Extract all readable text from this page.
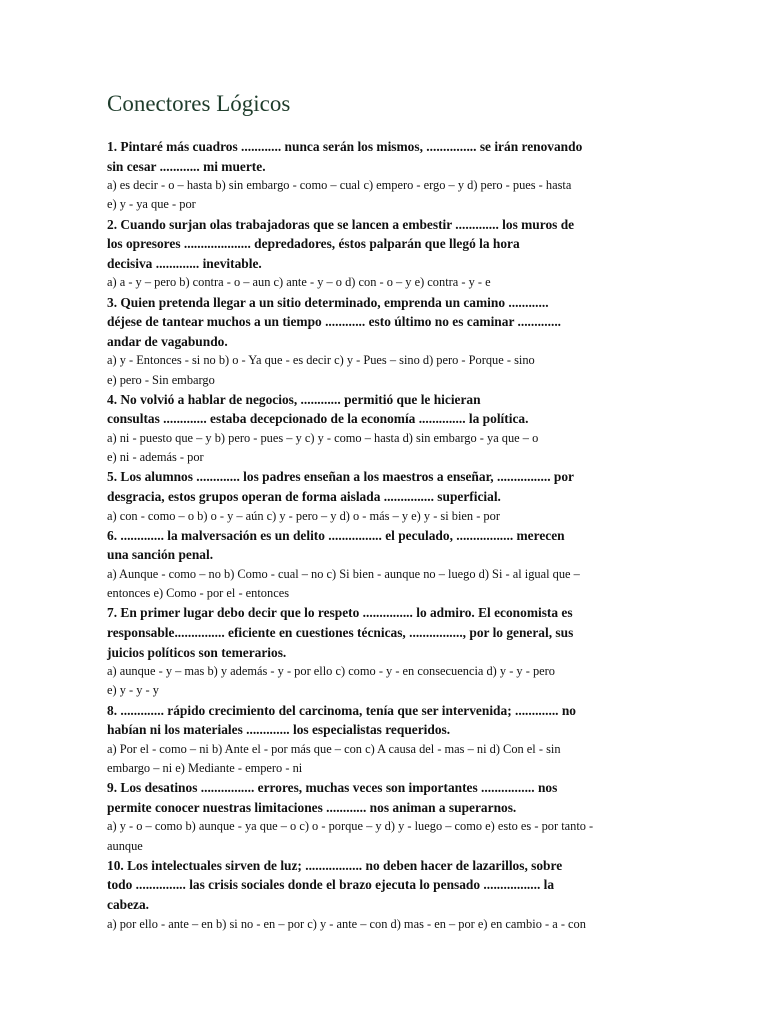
Conectores Lógicos

1. Pintaré más cuadros ............ nunca serán los mismos, ............... se irán renovando

sin cesar ............ mi muerte.

a) es decir - o – hasta b) sin embargo - como – cual c) empero - ergo – y d) pero - pues - hasta

e) y - ya que - por

2. Cuando surjan olas trabajadoras que se lancen a embestir ............. los muros de

los opresores .................... depredadores, éstos palparán que llegó la hora

decisiva ............. inevitable.

a) a - y – pero b) contra - o – aun c) ante - y – o d) con - o – y e) contra - y - e

3. Quien pretenda llegar a un sitio determinado, emprenda un camino ............

déjese de tantear muchos a un tiempo ............ esto último no es caminar .............

andar de vagabundo.

a) y - Entonces - si no b) o - Ya que - es decir c) y - Pues – sino d) pero - Porque - sino

e) pero - Sin embargo

4. No volvió a hablar de negocios, ............ permitió que le hicieran

consultas ............. estaba decepcionado de la economía .............. la política.

a) ni - puesto que – y b) pero - pues – y c) y - como – hasta d) sin embargo - ya que – o

e) ni - además - por

5. Los alumnos ............. los padres enseñan a los maestros a enseñar, ................ por

desgracia, estos grupos operan de forma aislada ............... superficial.

a) con - como – o b) o - y – aún c) y - pero – y d) o - más – y e) y - si bien - por

6. ............. la malversación es un delito ................ el peculado, ................. merecen

una sanción penal.

a) Aunque - como – no b) Como - cual – no c) Si bien - aunque no – luego d) Si - al igual que –

entonces e) Como - por el - entonces

7. En primer lugar debo decir que lo respeto ............... lo admiro. El economista es

responsable............... eficiente en cuestiones técnicas, ................, por lo general, sus

juicios políticos son temerarios.

a) aunque - y – mas b) y además - y - por ello c) como - y - en consecuencia d) y - y - pero

e) y - y - y

8. ............. rápido crecimiento del carcinoma, tenía que ser intervenida; ............. no

habían ni los materiales ............. los especialistas requeridos.

a) Por el - como – ni b) Ante el - por más que – con c) A causa del - mas – ni d) Con el - sin

embargo – ni e) Mediante - empero - ni

9. Los desatinos ................ errores, muchas veces son importantes ................ nos

permite conocer nuestras limitaciones ............ nos animan a superarnos.

a) y - o – como b) aunque - ya que – o c) o - porque – y d) y - luego – como e) esto es - por tanto -

aunque

10. Los intelectuales sirven de luz; ................. no deben hacer de lazarillos, sobre

todo ............... las crisis sociales donde el brazo ejecuta lo pensado ................. la

cabeza.

a) por ello - ante – en b) si no - en – por c) y - ante – con d) mas - en – por e) en cambio - a - con
